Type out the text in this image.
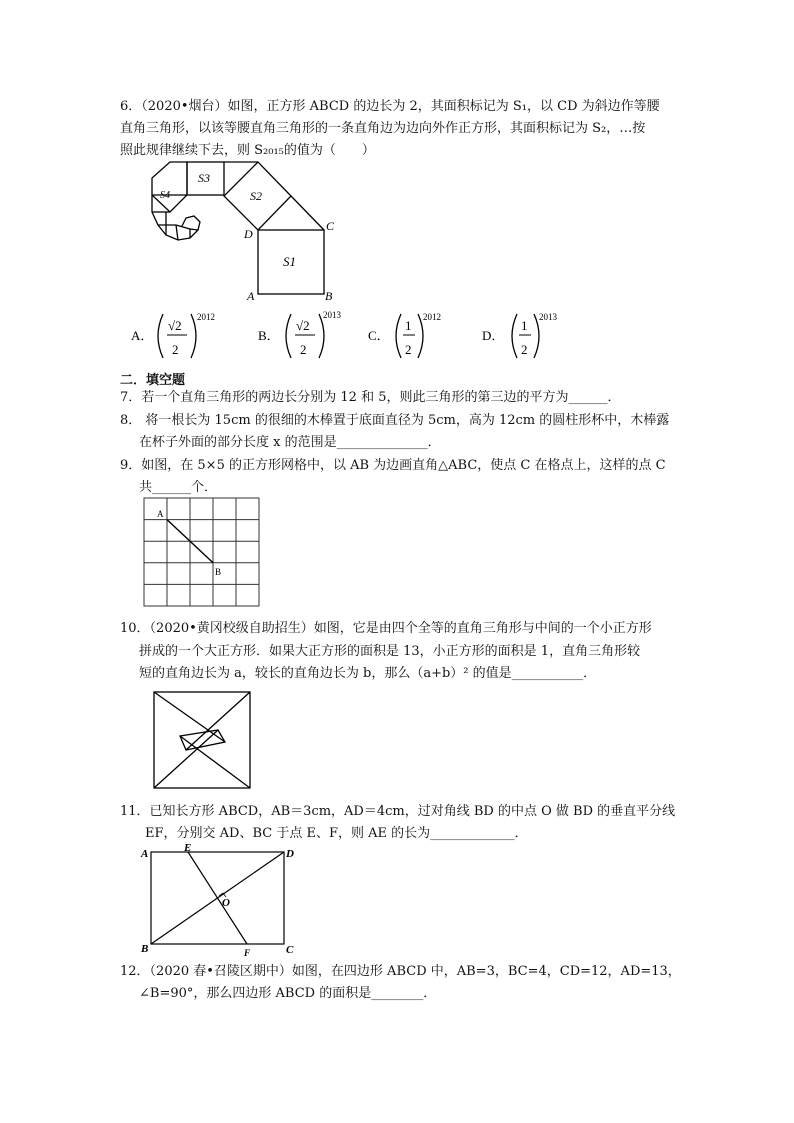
6．（2020•烟台）如图，正方形 ABCD 的边长为 2，其面积标记为 S₁，以 CD 为斜边作等腰
直角三角形，以该等腰直角三角形的一条直角边为边向外作正方形，其面积标记为 S₂，…按
照此规律继续下去，则 S₂₀₁₅的值为（　　）
S1
S2
S3
S4
A	B
C
D
A．
√2
2
2012
B．
√2
2
2013
C．
1
2
2012
D．
1
2
2013
二．填空题
7．若一个直角三角形的两边长分别为 12 和 5，则此三角形的第三边的平方为______．
8． 将一根长为 15cm 的很细的木棒置于底面直径为 5cm，高为 12cm 的圆柱形杯中，木棒露
在杯子外面的部分长度 x 的范围是______________．
9．如图，在 5×5 的正方形网格中，以 AB 为边画直角△ABC，使点 C 在格点上，这样的点 C
共______个．
A
B
10．（2020•黄冈校级自助招生）如图，它是由四个全等的直角三角形与中间的一个小正方形
拼成的一个大正方形．如果大正方形的面积是 13，小正方形的面积是 1，直角三角形较
短的直角边长为 a，较长的直角边长为 b，那么（a+b）² 的值是___________．
11．已知长方形 ABCD，AB＝3cm，AD＝4cm，过对角线 BD 的中点 O 做 BD 的垂直平分线
EF，分别交 AD、BC 于点 E、F，则 AE 的长为_____________．
A
B	C
D
E
F
O
12．（2020 春•召陵区期中）如图，在四边形 ABCD 中，AB=3，BC=4，CD=12，AD=13，
∠B=90°，那么四边形 ABCD 的面积是________．
